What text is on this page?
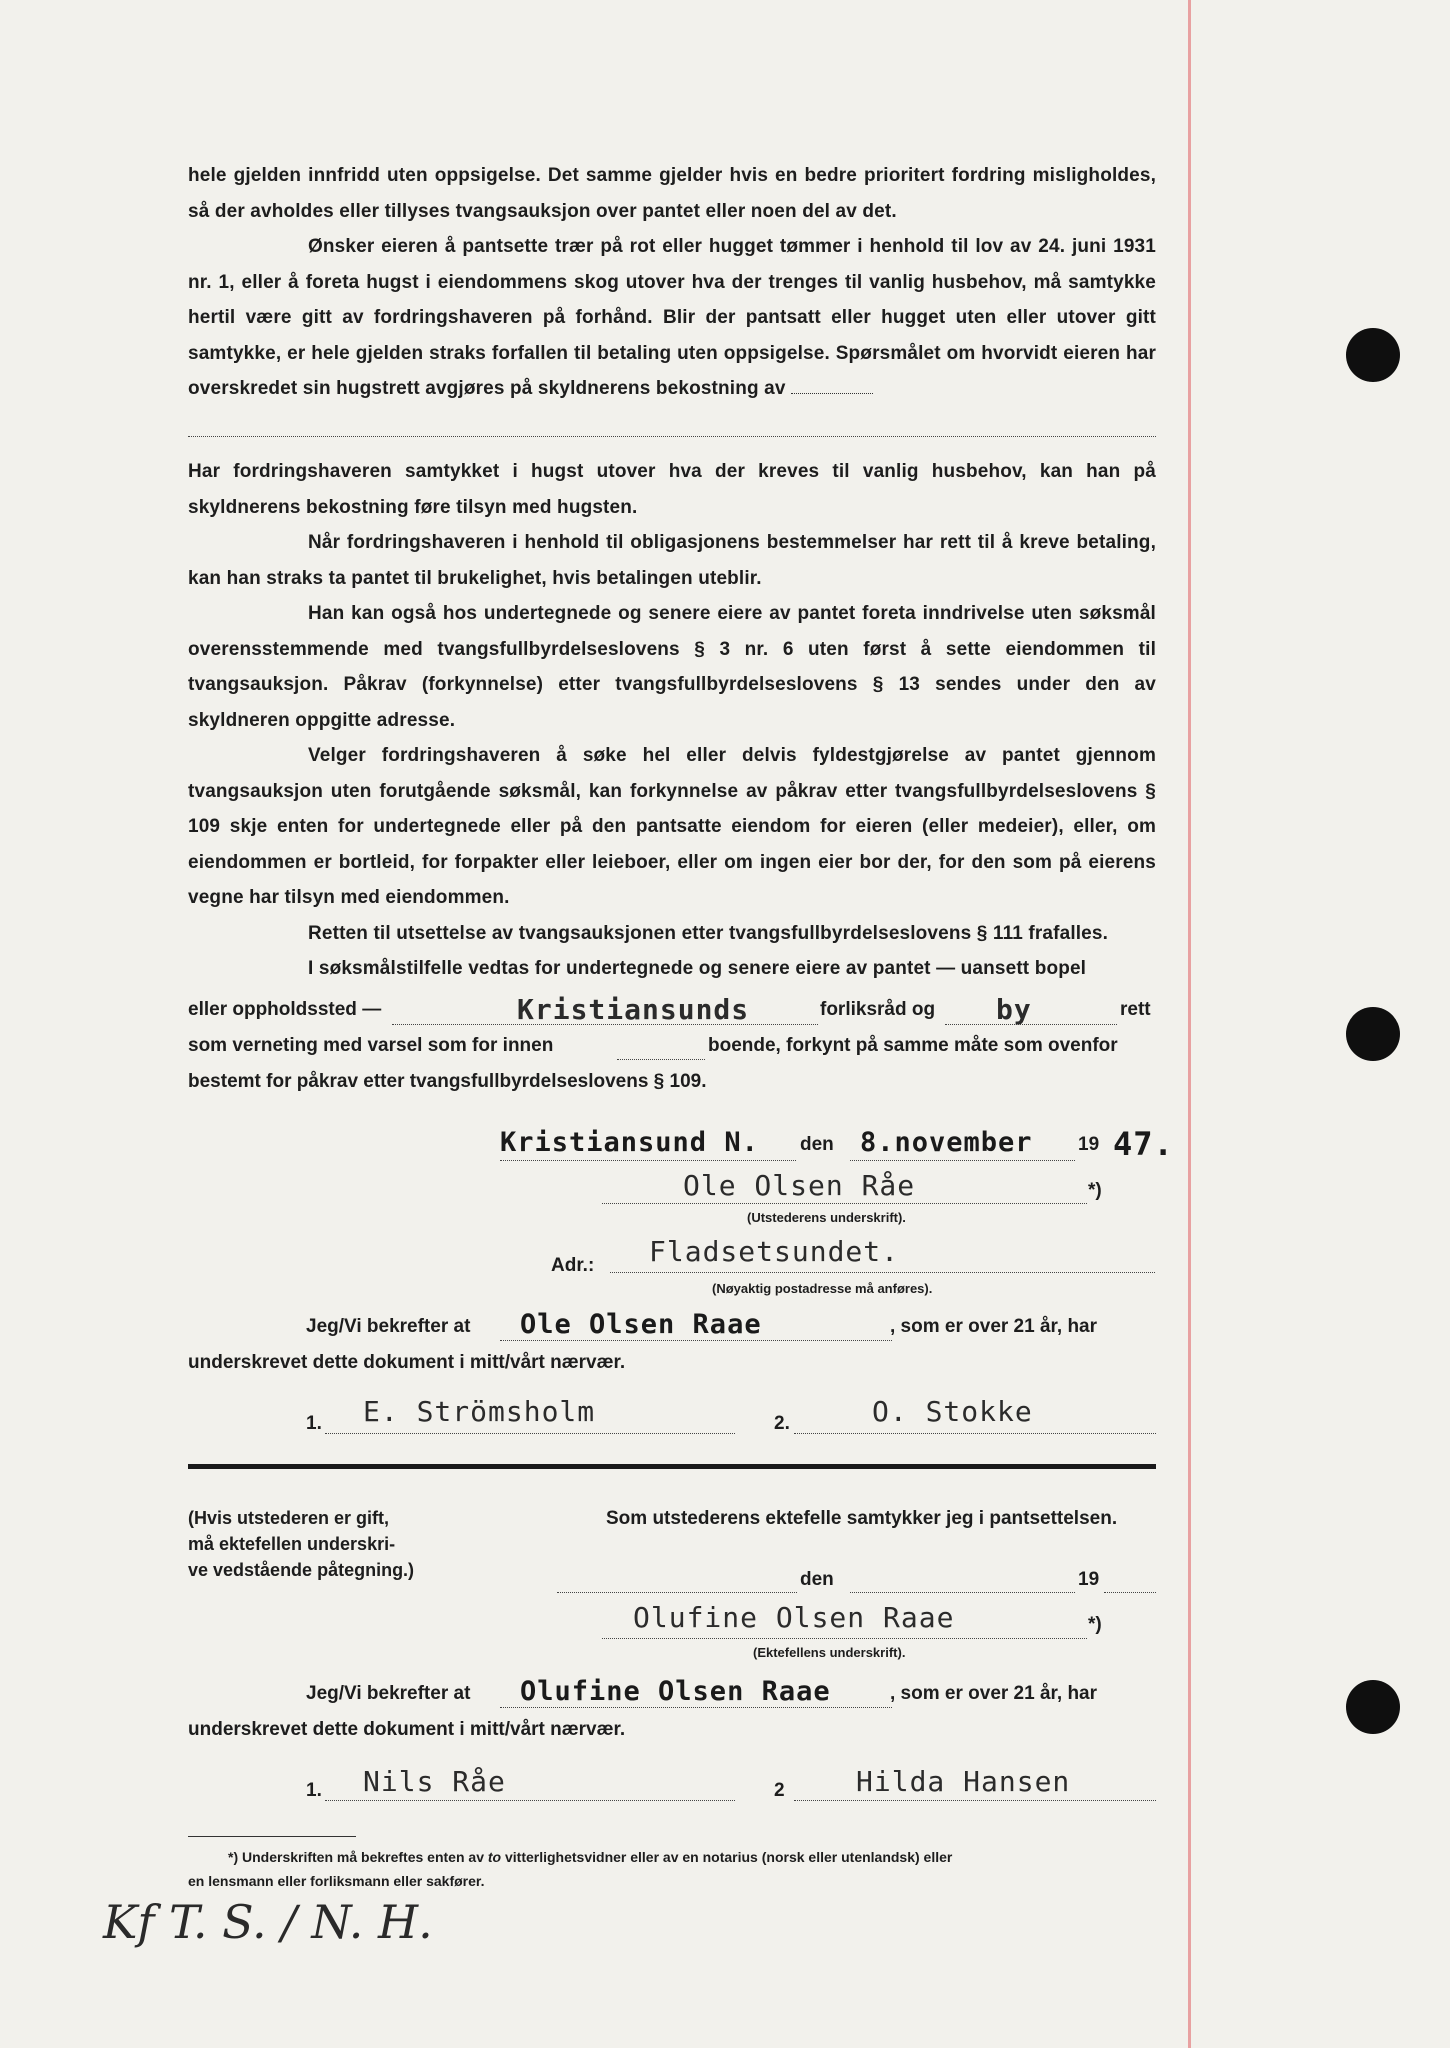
hele gjelden innfridd uten oppsigelse. Det samme gjelder hvis en bedre prioritert fordring misligholdes, så der avholdes eller tillyses tvangsauksjon over pantet eller noen del av det.

Ønsker eieren å pantsette trær på rot eller hugget tømmer i henhold til lov av 24. juni 1931 nr. 1, eller å foreta hugst i eiendommens skog utover hva der trenges til vanlig husbehov, må samtykke hertil være gitt av fordringshaveren på forhånd. Blir der pantsatt eller hugget uten eller utover gitt samtykke, er hele gjelden straks forfallen til betaling uten oppsigelse. Spørsmålet om hvorvidt eieren har overskredet sin hugstrett avgjøres på skyldnerens bekostning av

Har fordringshaveren samtykket i hugst utover hva der kreves til vanlig husbehov, kan han på skyldnerens bekostning føre tilsyn med hugsten.

Når fordringshaveren i henhold til obligasjonens bestemmelser har rett til å kreve betaling, kan han straks ta pantet til brukelighet, hvis betalingen uteblir.

Han kan også hos undertegnede og senere eiere av pantet foreta inndrivelse uten søksmål overensstemmende med tvangsfullbyrdelseslovens § 3 nr. 6 uten først å sette eiendommen til tvangsauksjon. Påkrav (forkynnelse) etter tvangsfullbyrdelseslovens § 13 sendes under den av skyldneren oppgitte adresse.

Velger fordringshaveren å søke hel eller delvis fyldestgjørelse av pantet gjennom tvangsauksjon uten forutgående søksmål, kan forkynnelse av påkrav etter tvangsfullbyrdelseslovens § 109 skje enten for undertegnede eller på den pantsatte eiendom for eieren (eller medeier), eller, om eiendommen er bortleid, for forpakter eller leieboer, eller om ingen eier bor der, for den som på eierens vegne har tilsyn med eiendommen.

Retten til utsettelse av tvangsauksjonen etter tvangsfullbyrdelseslovens § 111 frafalles.

I søksmålstilfelle vedtas for undertegnede og senere eiere av pantet — uansett bopel

eller oppholdssted —	Kristiansunds	forliksråd og by	rett
som verneting med varsel som for innen	boende, forkynt på samme måte som ovenfor
bestemt for påkrav etter tvangsfullbyrdelseslovens § 109.
Kristiansund N. den 8.november 19 47.
Ole Olsen Råe	*)
(Utstederens underskrift).
Adr.: Fladsetsundet.
(Nøyaktig postadresse må anføres).
Jeg/Vi bekrefter at Ole Olsen Raae	, som er over 21 år, har
underskrevet dette dokument i mitt/vårt nærvær.
1. E. Strömsholm	2.	O. Stokke
(Hvis utstederen er gift,
må ektefellen underskri-
ve vedstående påtegning.)
Som utstederens ektefelle samtykker jeg i pantsettelsen.
den	19
Olufine Olsen Raae	*)
(Ektefellens underskrift).
Jeg/Vi bekrefter at Olufine Olsen Raae	, som er over 21 år, har
underskrevet dette dokument i mitt/vårt nærvær.
1. Nils Råe	2	Hilda Hansen
*) Underskriften må bekreftes enten av to vitterlighetsvidner eller av en notarius (norsk eller utenlandsk) eller
en lensmann eller forliksmann eller sakfører.
Kf T. S. / N. H.
